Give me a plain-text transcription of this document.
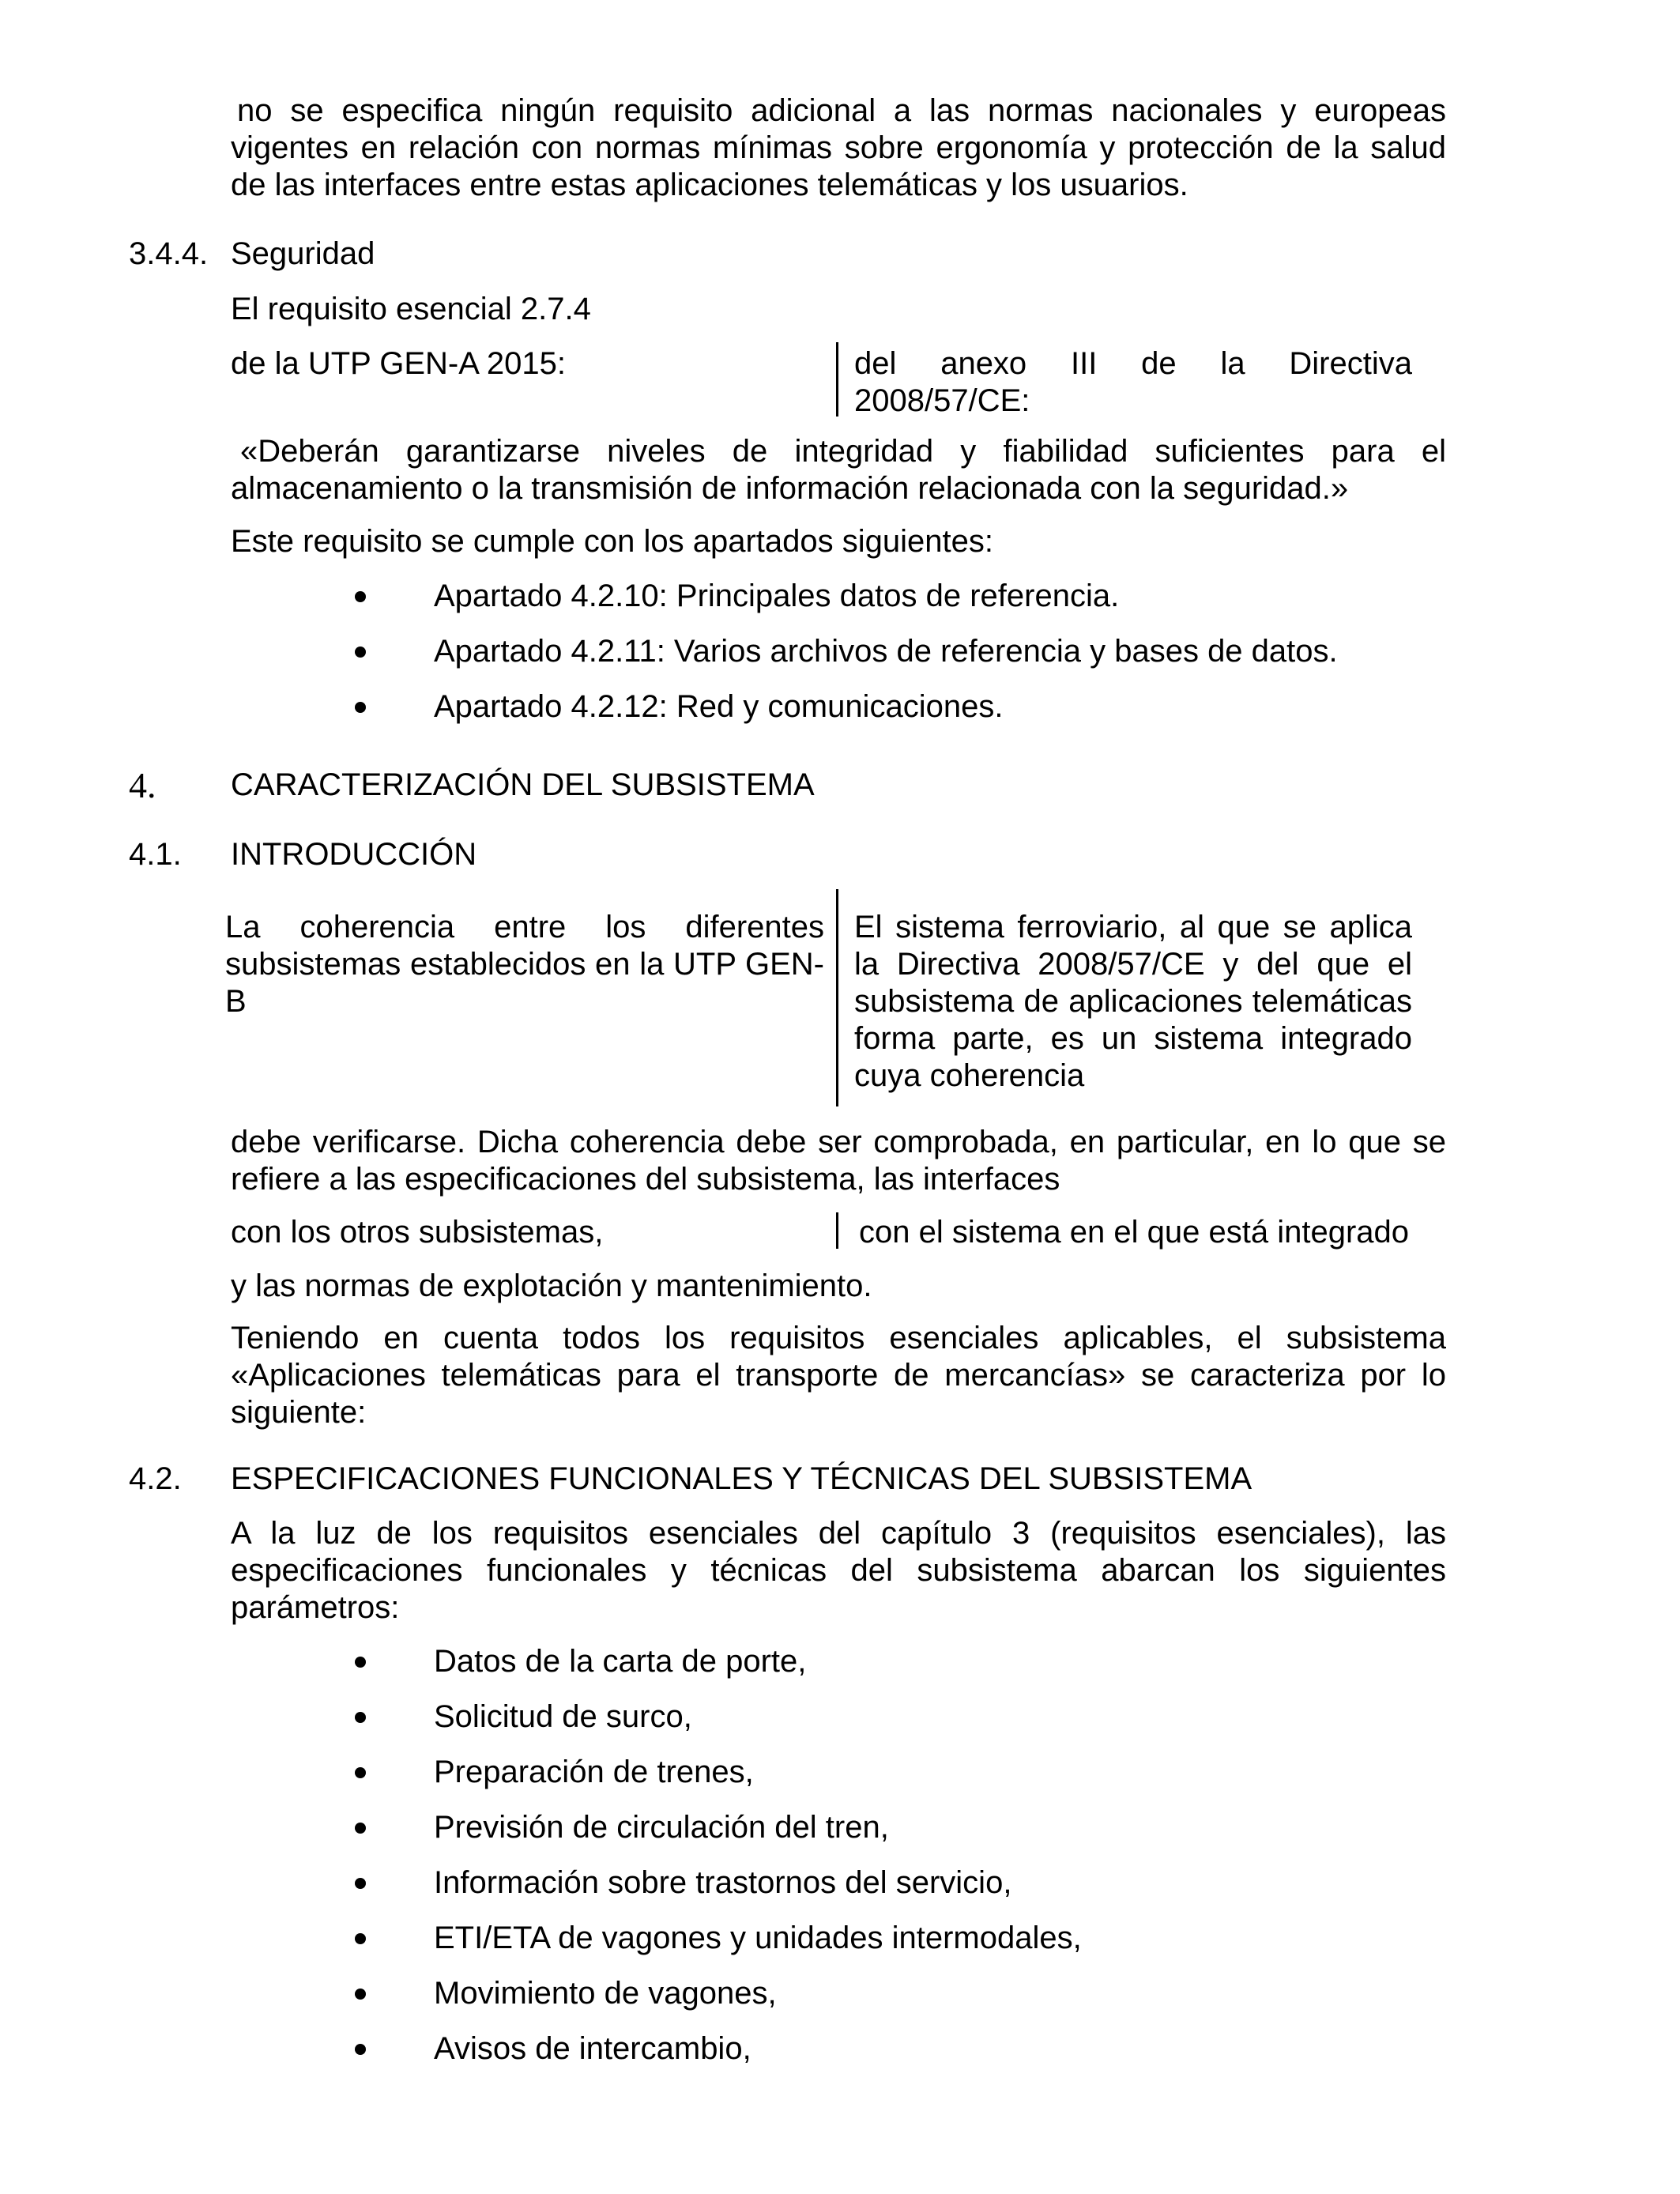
no se especifica ningún requisito adicional a las normas nacionales y europeas vigentes en relación con normas mínimas sobre ergonomía y protección de la salud de las interfaces entre estas aplicaciones telemáticas y los usuarios.
3.4.4. Seguridad
El requisito esencial 2.7.4
de la UTP GEN-A 2015:	del anexo III de la Directiva 2008/57/CE:
«Deberán garantizarse niveles de integridad y fiabilidad suficientes para el almacenamiento o la transmisión de información relacionada con la seguridad.»
Este requisito se cumple con los apartados siguientes:
Apartado 4.2.10: Principales datos de referencia.
Apartado 4.2.11: Varios archivos de referencia y bases de datos.
Apartado 4.2.12: Red y comunicaciones.
4. CARACTERIZACIÓN DEL SUBSISTEMA
4.1. INTRODUCCIÓN
La coherencia entre los diferentes subsistemas establecidos en la UTP GEN-B
El sistema ferroviario, al que se aplica la Directiva 2008/57/CE y del que el subsistema de aplicaciones telemáticas forma parte, es un sistema integrado cuya coherencia
debe verificarse. Dicha coherencia debe ser comprobada, en particular, en lo que se refiere a las especificaciones del subsistema, las interfaces
con los otros subsistemas,	con el sistema en el que está integrado
y las normas de explotación y mantenimiento.
Teniendo en cuenta todos los requisitos esenciales aplicables, el subsistema «Aplicaciones telemáticas para el transporte de mercancías» se caracteriza por lo siguiente:
4.2. ESPECIFICACIONES FUNCIONALES Y TÉCNICAS DEL SUBSISTEMA
A la luz de los requisitos esenciales del capítulo 3 (requisitos esenciales), las especificaciones funcionales y técnicas del subsistema abarcan los siguientes parámetros:
Datos de la carta de porte,
Solicitud de surco,
Preparación de trenes,
Previsión de circulación del tren,
Información sobre trastornos del servicio,
ETI/ETA de vagones y unidades intermodales,
Movimiento de vagones,
Avisos de intercambio,
